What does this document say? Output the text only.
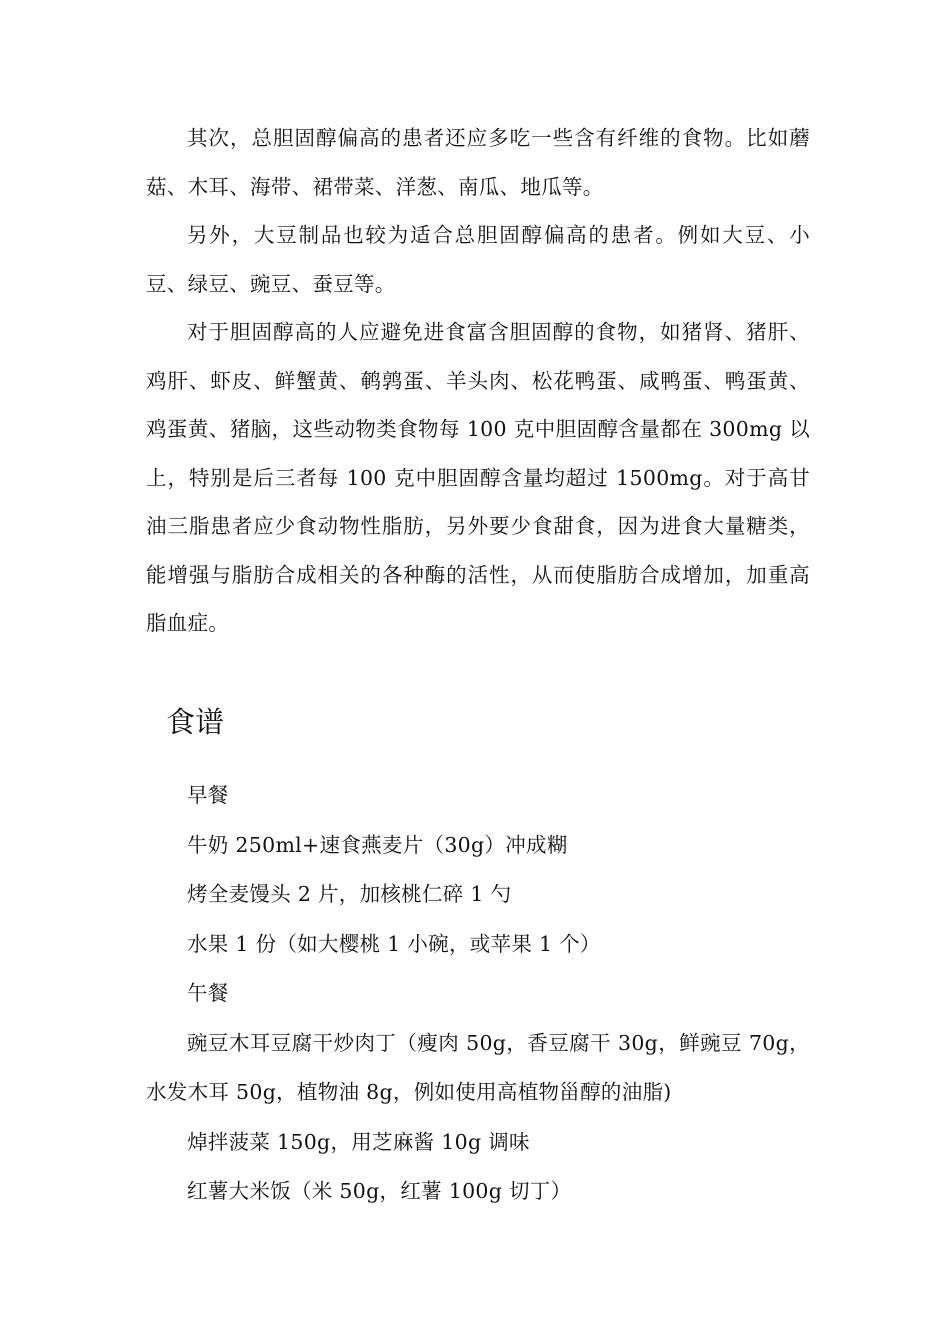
其次，总胆固醇偏高的患者还应多吃一些含有纤维的食物。比如蘑菇、木耳、海带、裙带菜、洋葱、南瓜、地瓜等。

另外，大豆制品也较为适合总胆固醇偏高的患者。例如大豆、小豆、绿豆、豌豆、蚕豆等。

对于胆固醇高的人应避免进食富含胆固醇的食物，如猪肾、猪肝、鸡肝、虾皮、鲜蟹黄、鹌鹑蛋、羊头肉、松花鸭蛋、咸鸭蛋、鸭蛋黄、鸡蛋黄、猪脑，这些动物类食物每 100 克中胆固醇含量都在 300mg 以上，特别是后三者每 100 克中胆固醇含量均超过 1500mg。对于高甘油三脂患者应少食动物性脂肪，另外要少食甜食，因为进食大量糖类，能增强与脂肪合成相关的各种酶的活性，从而使脂肪合成增加，加重高脂血症。

食谱

早餐

牛奶 250ml+速食燕麦片（30g）冲成糊

烤全麦馒头 2 片，加核桃仁碎 1 勺

水果 1 份（如大樱桃 1 小碗，或苹果 1 个）

午餐

豌豆木耳豆腐干炒肉丁（瘦肉 50g，香豆腐干 30g，鲜豌豆 70g，水发木耳 50g，植物油 8g，例如使用高植物甾醇的油脂)

焯拌菠菜 150g，用芝麻酱 10g 调味

红薯大米饭（米 50g，红薯 100g 切丁）
